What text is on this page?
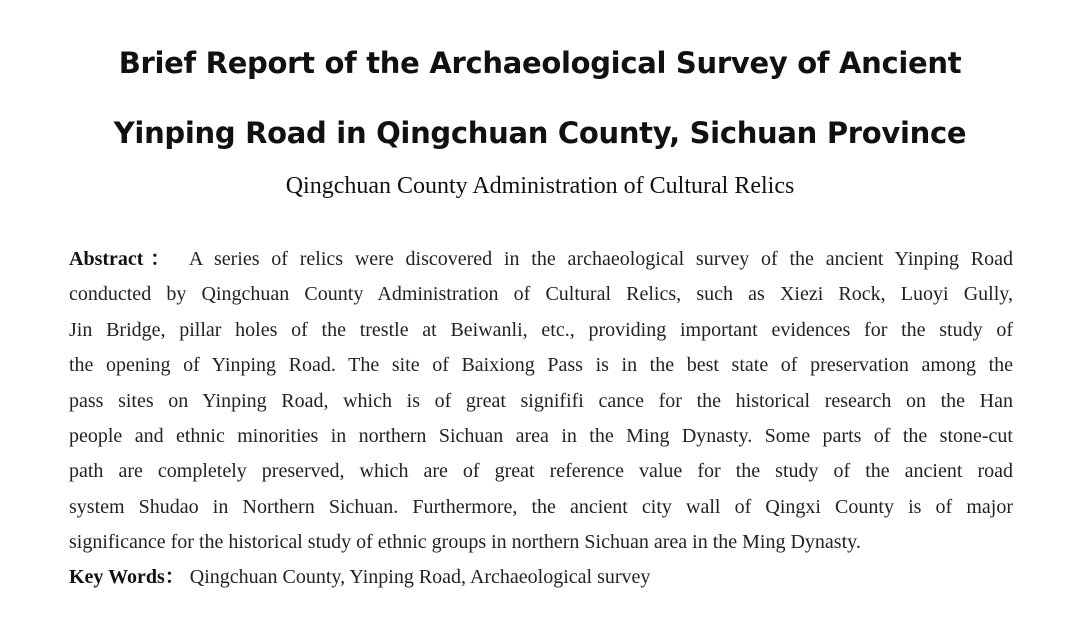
Brief Report of the Archaeological Survey of Ancient
Yinping Road in Qingchuan County, Sichuan Province
Qingchuan County Administration of Cultural Relics
Abstract： A series of relics were discovered in the archaeological survey of the ancient Yinping Road
conducted by Qingchuan County Administration of Cultural Relics, such as Xiezi Rock, Luoyi Gully,
Jin Bridge, pillar holes of the trestle at Beiwanli, etc., providing important evidences for the study of
the opening of Yinping Road. The site of Baixiong Pass is in the best state of preservation among the
pass sites on Yinping Road, which is of great signififi cance for the historical research on the Han
people and ethnic minorities in northern Sichuan area in the Ming Dynasty. Some parts of the stone-cut
path are completely preserved, which are of great reference value for the study of the ancient road
system Shudao in Northern Sichuan. Furthermore, the ancient city wall of Qingxi County is of major
significance for the historical study of ethnic groups in northern Sichuan area in the Ming Dynasty.
Key Words： Qingchuan County, Yinping Road, Archaeological survey
